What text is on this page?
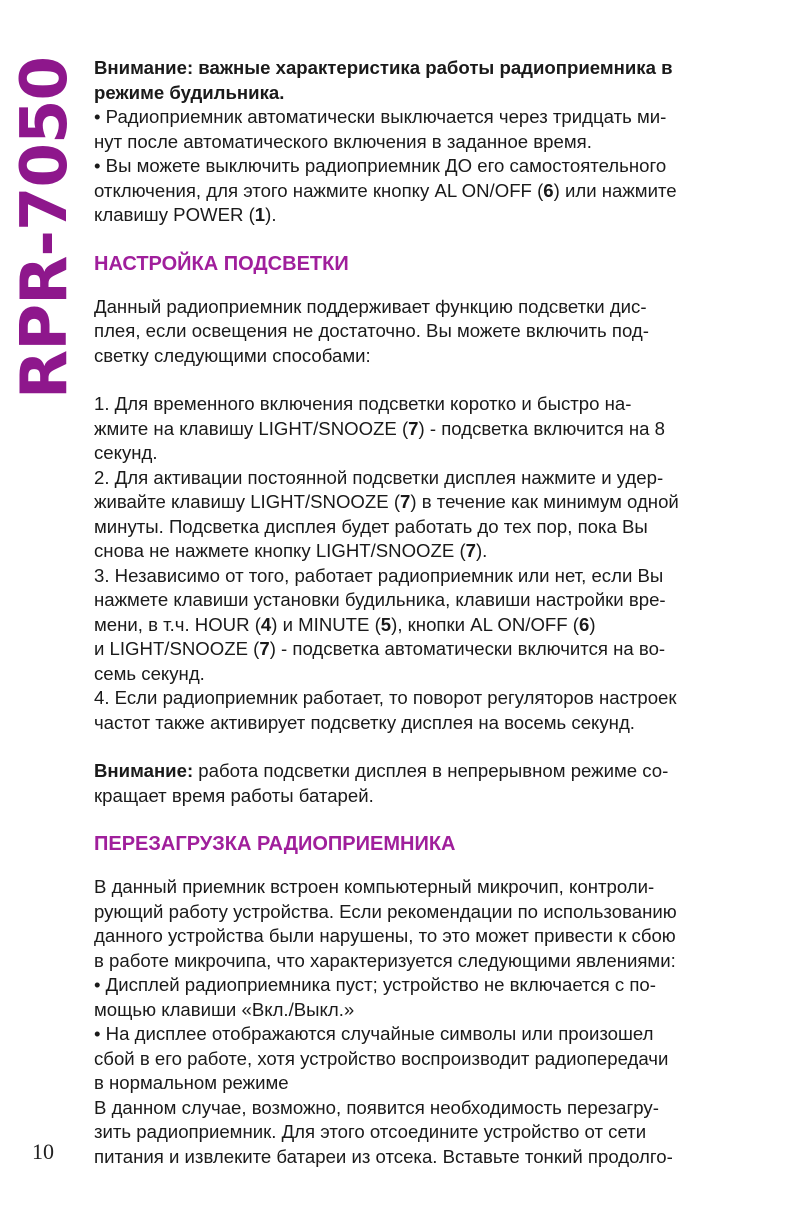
RPR-7050 Внимание: важные характеристика работы радиоприемника в

режиме будильника.

• Радиоприемник автоматически выключается через тридцать ми-

нут после автоматического включения в заданное время.

• Вы можете выключить радиоприемник ДО его самостоятельного

отключения, для этого нажмите кнопку AL ON/OFF (6) или нажмите

клавишу POWER (1).

НАСТРОЙКА ПОДСВЕТКИ

Данный радиоприемник поддерживает функцию подсветки дис-

плея, если освещения не достаточно. Вы можете включить под-

светку следующими способами:

1. Для временного включения подсветки коротко и быстро на-

жмите на клавишу LIGHT/SNOOZE (7) - подсветка включится на 8

секунд.

2. Для активации постоянной подсветки дисплея нажмите и удер-

живайте клавишу LIGHT/SNOOZE (7) в течение как минимум одной

минуты. Подсветка дисплея будет работать до тех пор, пока Вы

снова не нажмете кнопку LIGHT/SNOOZE (7).

3. Независимо от того, работает радиоприемник или нет, если Вы

нажмете клавиши установки будильника, клавиши настройки вре-

мени, в т.ч. HOUR (4) и MINUTE (5), кнопки AL ON/OFF (6)

и LIGHT/SNOOZE (7) - подсветка автоматически включится на во-

семь секунд.

4. Если радиоприемник работает, то поворот регуляторов настроек

частот также активирует подсветку дисплея на восемь секунд.

Внимание: работа подсветки дисплея в непрерывном режиме со-

кращает время работы батарей.

ПЕРЕЗАГРУЗКА РАДИОПРИЕМНИКА

В данный приемник встроен компьютерный микрочип, контроли-

рующий работу устройства. Если рекомендации по использованию

данного устройства были нарушены, то это может привести к сбою

в работе микрочипа, что характеризуется следующими явлениями:

• Дисплей радиоприемника пуст; устройство не включается с по-

мощью клавиши «Вкл./Выкл.»

• На дисплее отображаются случайные символы или произошел

сбой в его работе, хотя устройство воспроизводит радиопередачи

в нормальном режиме

В данном случае, возможно, появится необходимость перезагру-

зить радиоприемник. Для этого отсоедините устройство от сети

питания и извлеките батареи из отсека. Вставьте тонкий продолго-

10
